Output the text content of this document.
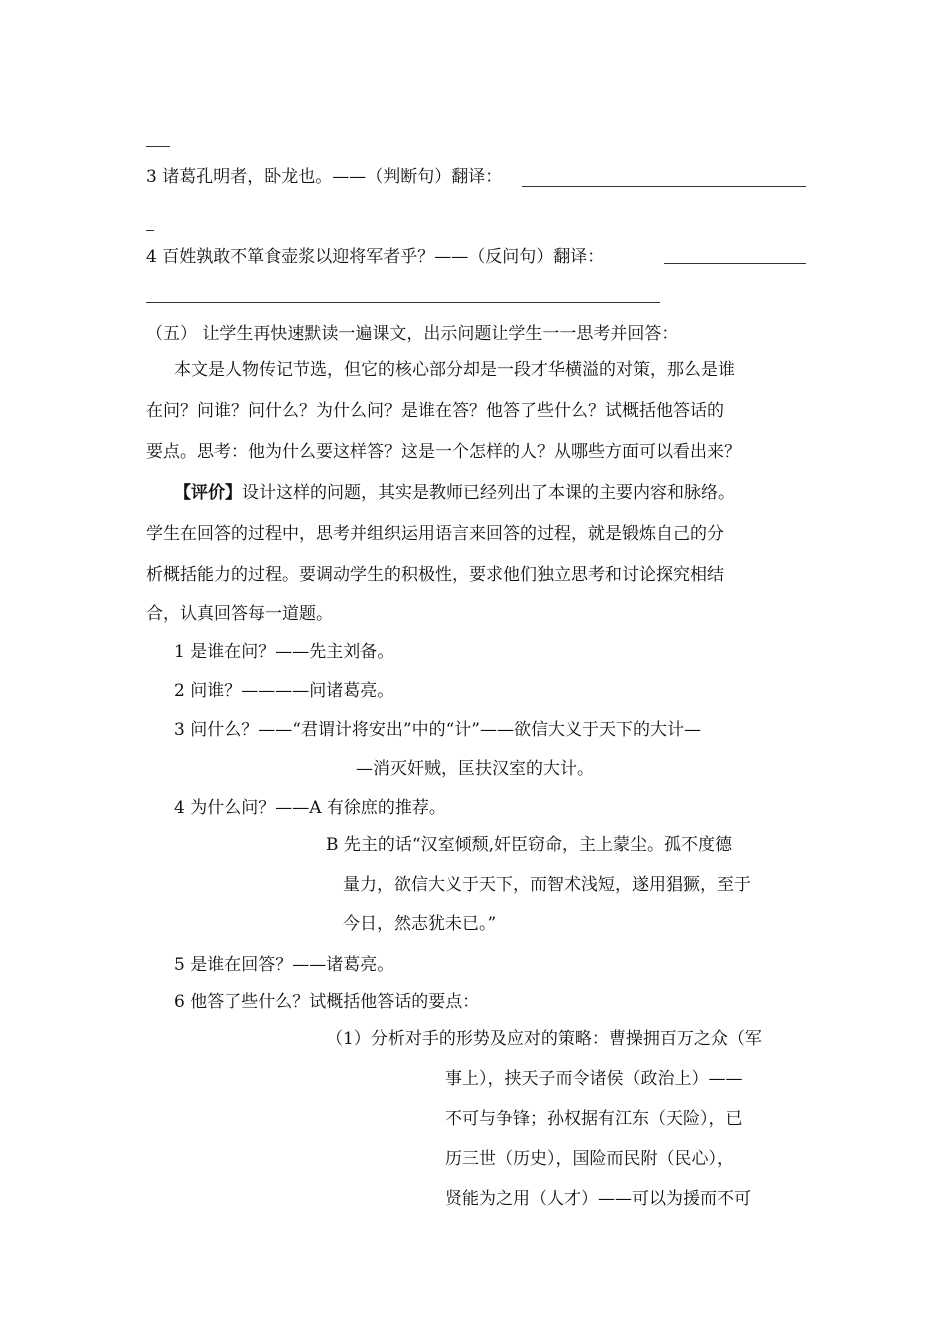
3 诸葛孔明者，卧龙也。——（判断句）翻译：
4 百姓孰敢不箪食壶浆以迎将军者乎？——（反问句）翻译：
（五） 让学生再快速默读一遍课文，出示问题让学生一一思考并回答：
本文是人物传记节选，但它的核心部分却是一段才华横溢的对策，那么是谁
在问？问谁？问什么？为什么问？是谁在答？他答了些什么？试概括他答话的
要点。思考：他为什么要这样答？这是一个怎样的人？从哪些方面可以看出来？
【评价】设计这样的问题，其实是教师已经列出了本课的主要内容和脉络。
学生在回答的过程中，思考并组织运用语言来回答的过程，就是锻炼自己的分
析概括能力的过程。要调动学生的积极性，要求他们独立思考和讨论探究相结
合，认真回答每一道题。
1 是谁在问？——先主刘备。
2 问谁？————问诸葛亮。
3 问什么？——“君谓计将安出”中的“计”——欲信大义于天下的大计—
—消灭奸贼，匡扶汉室的大计。
4 为什么问？——A 有徐庶的推荐。
B 先主的话“汉室倾颓,奸臣窃命，主上蒙尘。孤不度德
量力，欲信大义于天下，而智术浅短，遂用猖獗，至于
今日，然志犹未已。”
5 是谁在回答？——诸葛亮。
6 他答了些什么？试概括他答话的要点：
（1）分析对手的形势及应对的策略：曹操拥百万之众（军
事上），挟天子而令诸侯（政治上）——
不可与争锋；孙权据有江东（天险），已
历三世（历史），国险而民附（民心），
贤能为之用（人才）——可以为援而不可
